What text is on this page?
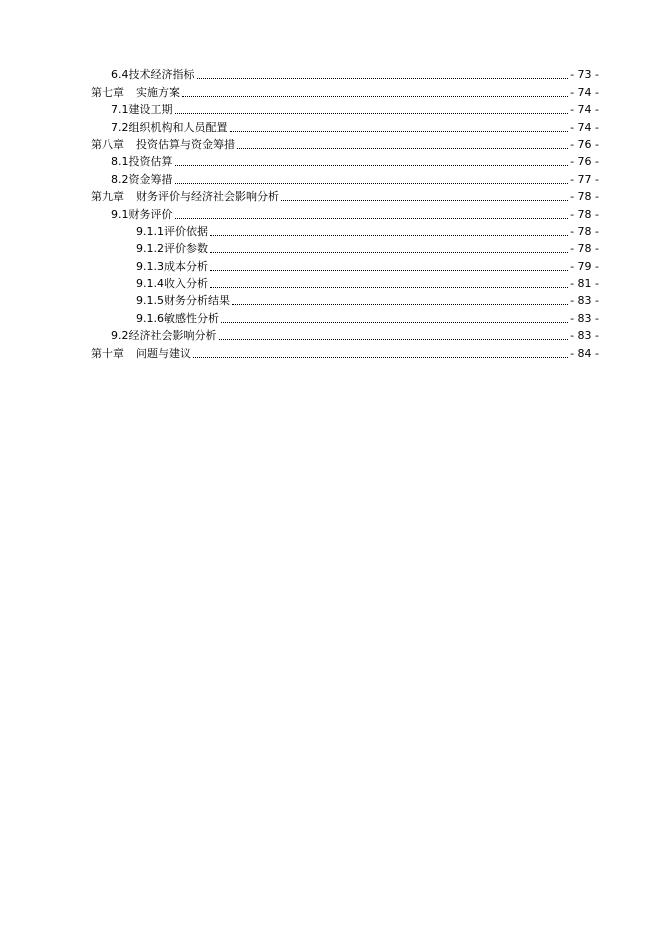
6.4技术经济指标	- 73 -
第七章 实施方案	- 74 -
7.1建设工期	- 74 -
7.2组织机构和人员配置	- 74 -
第八章 投资估算与资金筹措	- 76 -
8.1投资估算	- 76 -
8.2资金筹措	- 77 -
第九章 财务评价与经济社会影响分析	- 78 -
9.1财务评价	- 78 -
9.1.1评价依据	- 78 -
9.1.2评价参数	- 78 -
9.1.3成本分析	- 79 -
9.1.4收入分析	- 81 -
9.1.5财务分析结果	- 83 -
9.1.6敏感性分析	- 83 -
9.2经济社会影响分析	- 83 -
第十章 问题与建议	- 84 -
